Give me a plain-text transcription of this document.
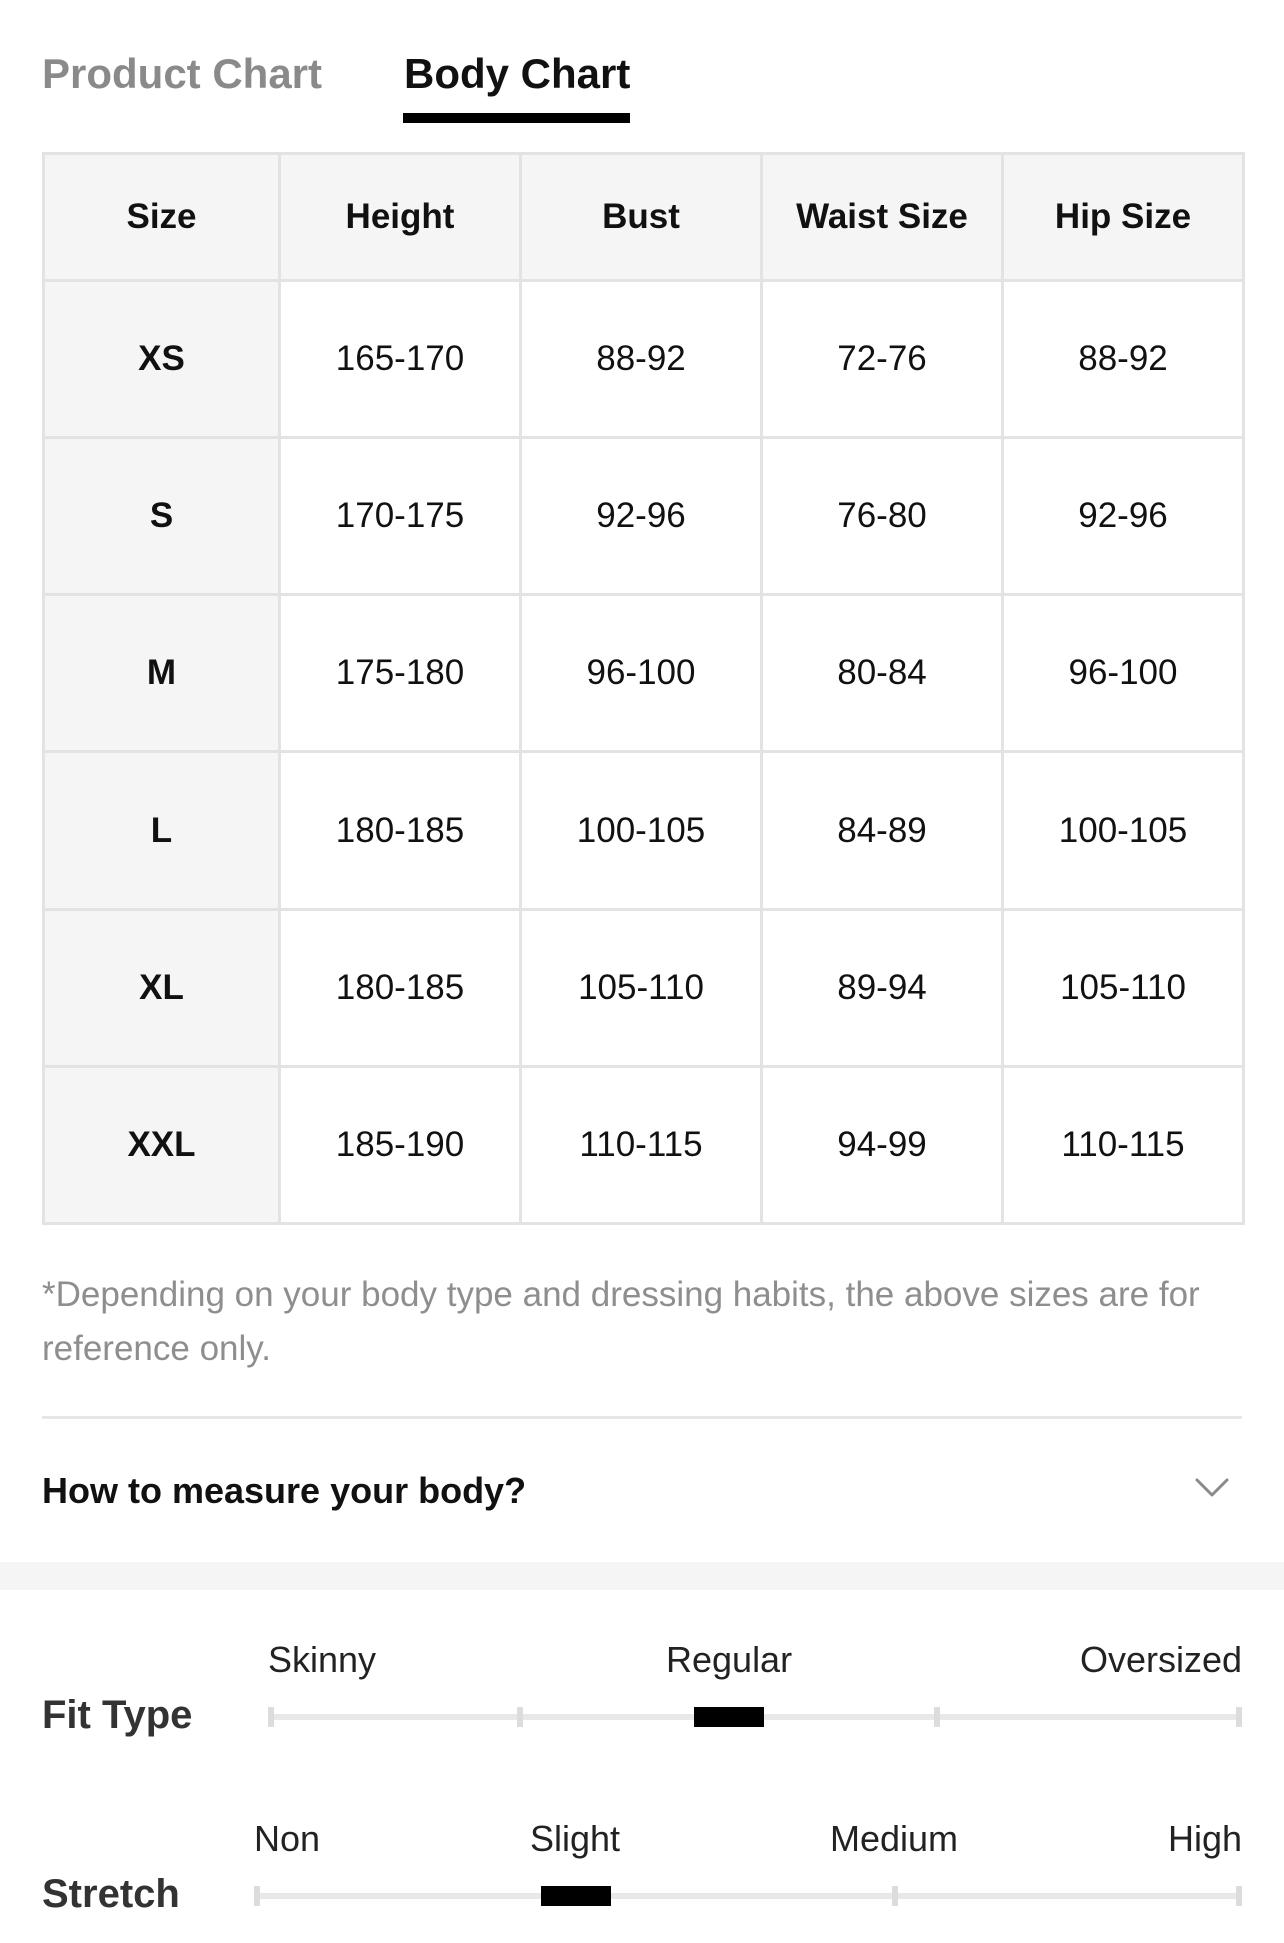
Product Chart Body Chart
Size	Height	Bust	Waist Size	Hip Size
XS	165-170	88-92	72-76	88-92
S	170-175	92-96	76-80	92-96
M	175-180	96-100	80-84	96-100
L	180-185	100-105	84-89	100-105
XL	180-185	105-110	89-94	105-110
XXL	185-190	110-115	94-99	110-115
*Depending on your body type and dressing habits, the above sizes are for reference only.
How to measure your body?
Skinny	Regular	Oversized
Fit Type
Non	Slight	Medium	High
Stretch
